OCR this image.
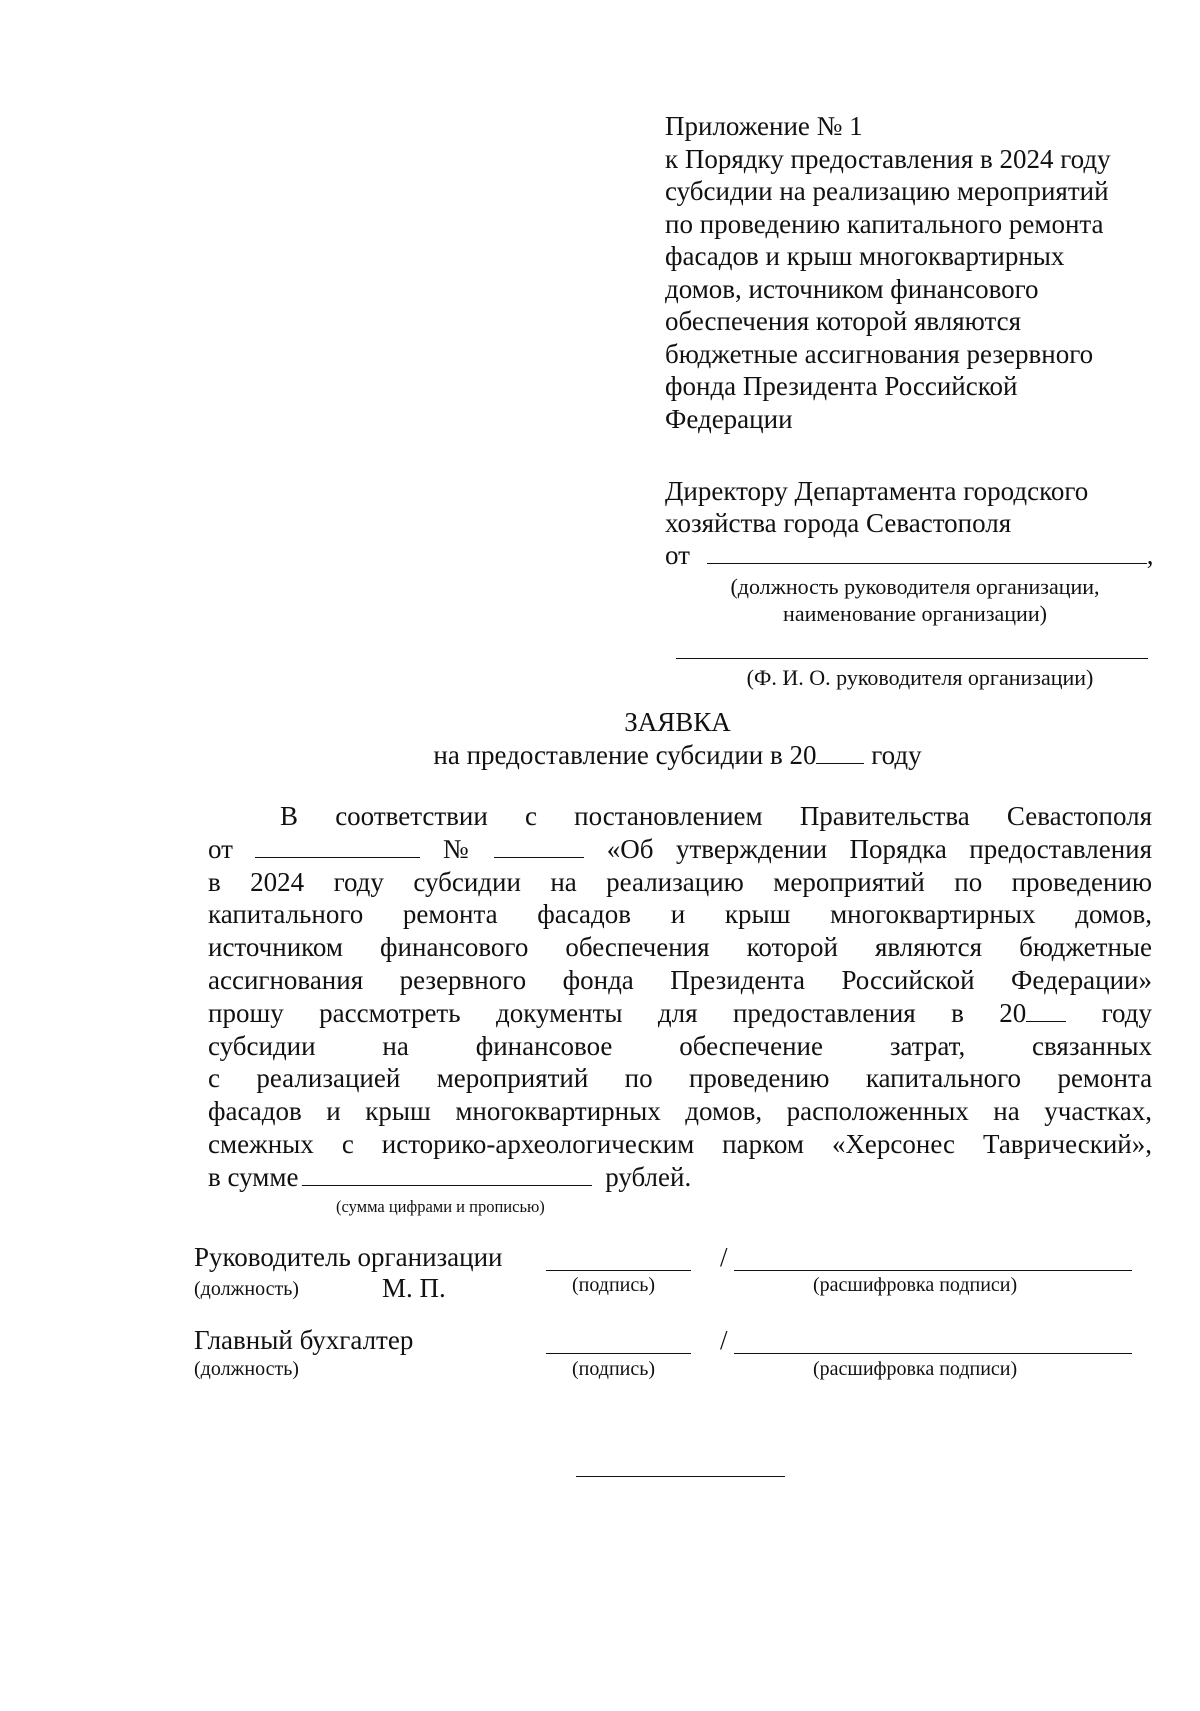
Приложение № 1
к Порядку предоставления в 2024 году
субсидии на реализацию мероприятий
по проведению капитального ремонта
фасадов и крыш многоквартирных
домов, источником финансового
обеспечения которой являются
бюджетные ассигнования резервного
фонда Президента Российской
Федерации
Директору Департамента городского
хозяйства города Севастополя
от	,
(должность руководителя организации,
наименование организации)
(Ф. И. О. руководителя организации)
ЗАЯВКА
на предоставление субсидии в 20 году
В соответствии с постановлением Правительства Севастополя
от	№	«Об утверждении Порядка предоставления
в 2024 году субсидии на реализацию мероприятий по проведению
капитального ремонта фасадов и крыш многоквартирных домов,
источником финансового обеспечения которой являются бюджетные
ассигнования резервного фонда Президента Российской Федерации»
прошу рассмотреть документы для предоставления в 20	году
субсидии на финансовое обеспечение затрат, связанных
с реализацией мероприятий по проведению капитального ремонта
фасадов и крыш многоквартирных домов, расположенных на участках,
смежных с историко-археологическим парком «Херсонес Таврический»,
в сумме	рублей.
(сумма цифрами и прописью)
Руководитель организации	/
(должность)	М. П.	(подпись)	(расшифровка подписи)
Главный бухгалтер	/
(должность)	(подпись)	(расшифровка подписи)
